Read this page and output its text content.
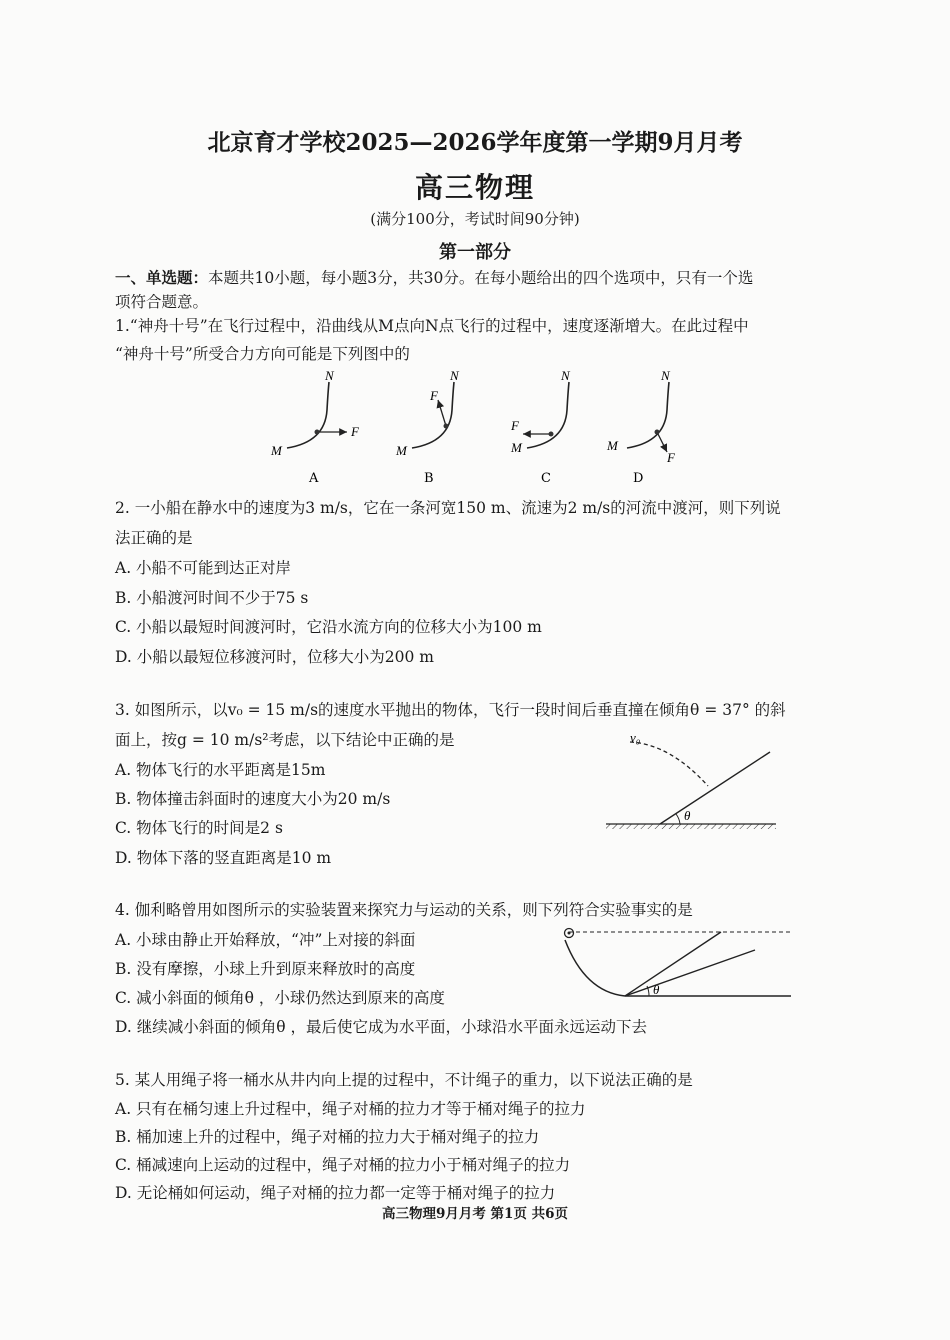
北京育才学校2025—2026学年度第一学期9月月考
高三物理
(满分100分，考试时间90分钟)
第一部分
一、单选题：本题共10小题，每小题3分，共30分。在每小题给出的四个选项中，只有一个选
项符合题意。
1.“神舟十号”在飞行过程中，沿曲线从M点向N点飞行的过程中，速度逐渐增大。在此过程中
“神舟十号”所受合力方向可能是下列图中的
N
M
F
A
N
M
F
B
N
M
F
C
N
M
F
D
2. 一小船在静水中的速度为3 m/s，它在一条河宽150 m、流速为2 m/s的河流中渡河，则下列说
法正确的是
A. 小船不可能到达正对岸
B. 小船渡河时间不少于75 s
C. 小船以最短时间渡河时，它沿水流方向的位移大小为100 m
D. 小船以最短位移渡河时，位移大小为200 m
3. 如图所示，以v₀ = 15 m/s的速度水平抛出的物体，飞行一段时间后垂直撞在倾角θ = 37° 的斜
面上，按g = 10 m/s²考虑，以下结论中正确的是
A. 物体飞行的水平距离是15m
B. 物体撞击斜面时的速度大小为20 m/s
C. 物体飞行的时间是2 s
D. 物体下落的竖直距离是10 m
v₀
θ
4. 伽利略曾用如图所示的实验装置来探究力与运动的关系，则下列符合实验事实的是
A. 小球由静止开始释放，“冲”上对接的斜面
B. 没有摩擦，小球上升到原来释放时的高度
C. 减小斜面的倾角θ ，小球仍然达到原来的高度
D. 继续减小斜面的倾角θ ，最后使它成为水平面，小球沿水平面永远运动下去
θ
5. 某人用绳子将一桶水从井内向上提的过程中，不计绳子的重力，以下说法正确的是
A. 只有在桶匀速上升过程中，绳子对桶的拉力才等于桶对绳子的拉力
B. 桶加速上升的过程中，绳子对桶的拉力大于桶对绳子的拉力
C. 桶减速向上运动的过程中，绳子对桶的拉力小于桶对绳子的拉力
D. 无论桶如何运动，绳子对桶的拉力都一定等于桶对绳子的拉力
高三物理9月月考 第1页 共6页
